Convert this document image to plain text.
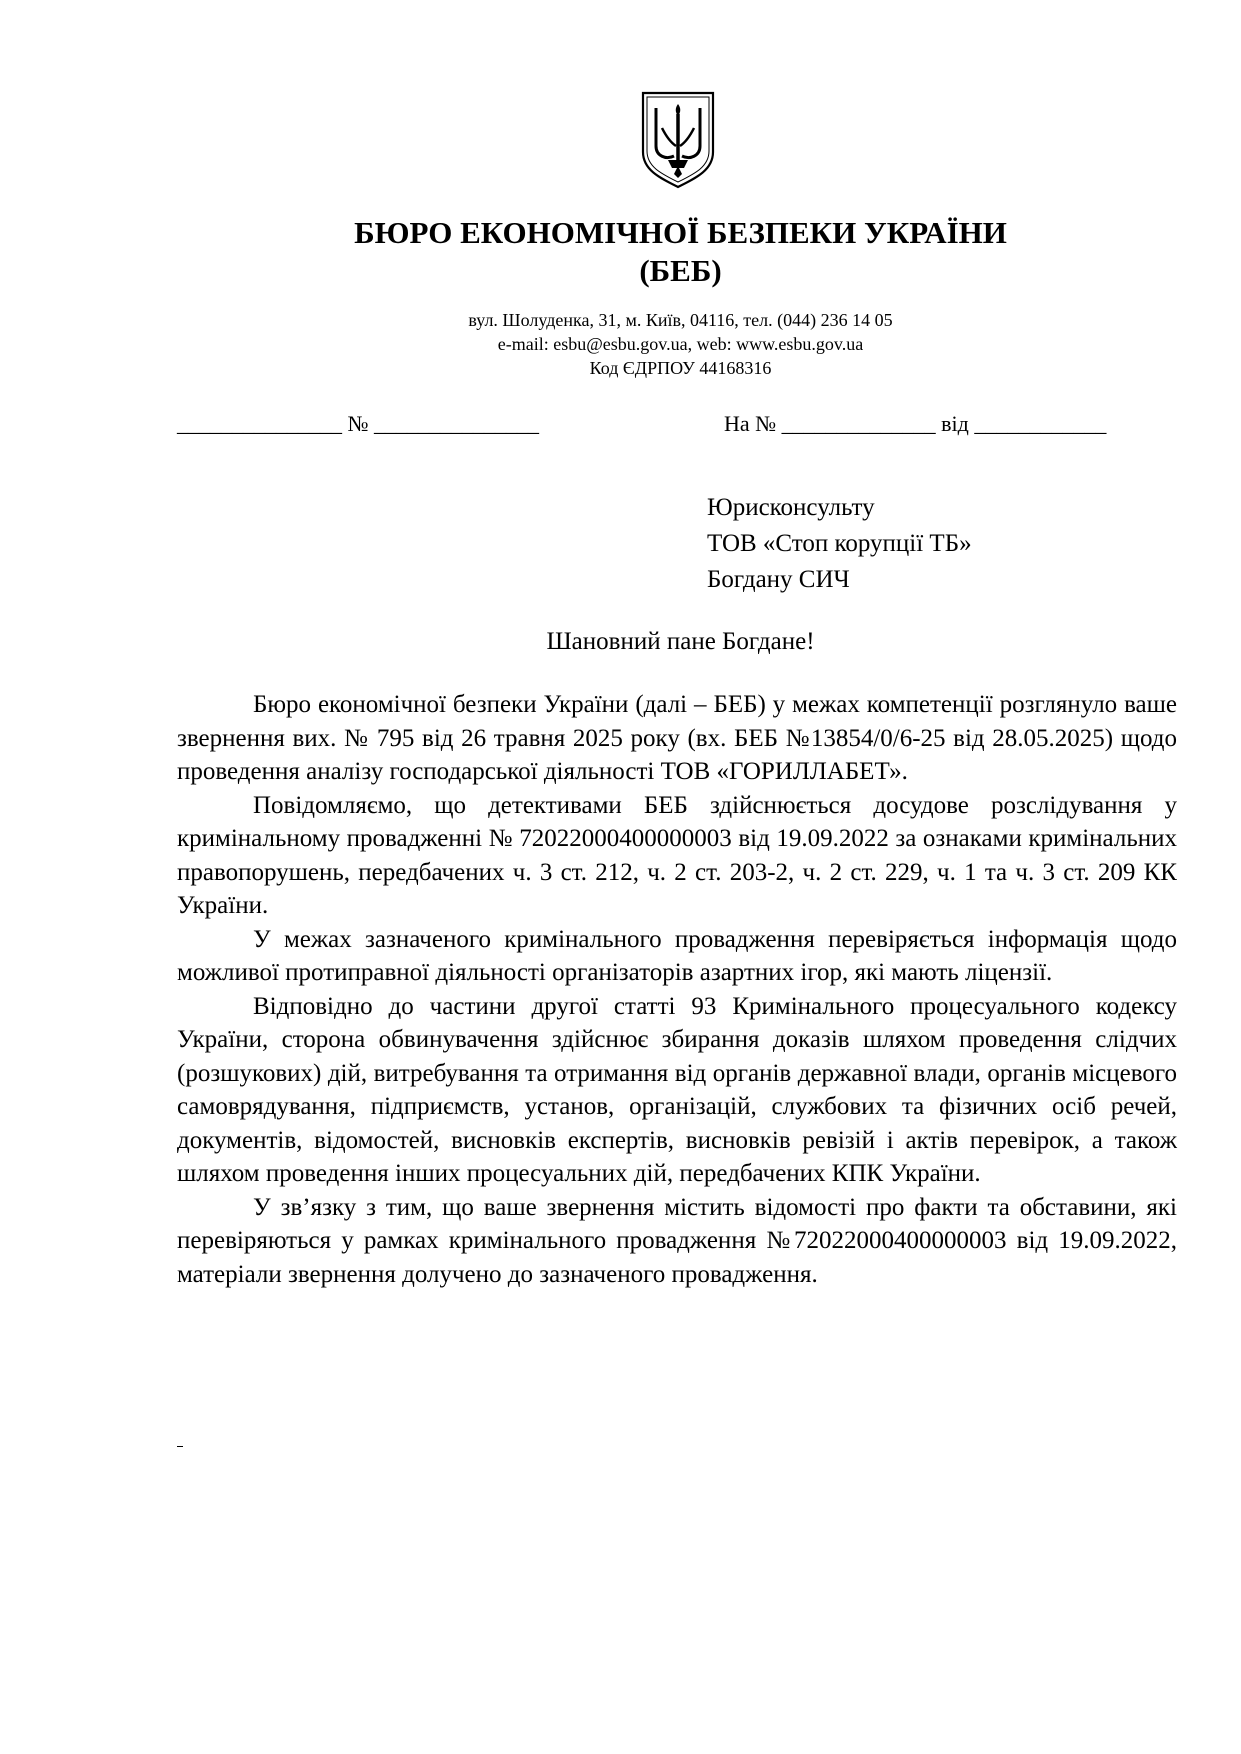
БЮРО ЕКОНОМІЧНОЇ БЕЗПЕКИ УКРАЇНИ
(БЕБ)
вул. Шолуденка, 31, м. Київ, 04116, тел. (044) 236 14 05
e-mail: esbu@esbu.gov.ua, web: www.esbu.gov.ua
Код ЄДРПОУ 44168316
_______________ № _______________	На № ______________ від ____________
Юрисконсульту
ТОВ «Стоп корупції ТБ»
Богдану СИЧ
Шановний пане Богдане!

Бюро економічної безпеки України (далі – БЕБ) у межах компетенції розглянуло ваше звернення вих. № 795 від 26 травня 2025 року (вх. БЕБ №13854/0/6-25 від 28.05.2025) щодо проведення аналізу господарської діяльності ТОВ «ГОРИЛЛАБЕТ».

Повідомляємо, що детективами БЕБ здійснюється досудове розслідування у кримінальному провадженні № 72022000400000003 від 19.09.2022 за ознаками кримінальних правопорушень, передбачених ч. 3 ст. 212, ч. 2 ст. 203-2, ч. 2 ст. 229, ч. 1 та ч. 3 ст. 209 КК України.

У межах зазначеного кримінального провадження перевіряється інформація щодо можливої протиправної діяльності організаторів азартних ігор, які мають ліцензії.

Відповідно до частини другої статті 93 Кримінального процесуального кодексу України, сторона обвинувачення здійснює збирання доказів шляхом проведення слідчих (розшукових) дій, витребування та отримання від органів державної влади, органів місцевого самоврядування, підприємств, установ, організацій, службових та фізичних осіб речей, документів, відомостей, висновків експертів, висновків ревізій і актів перевірок, а також шляхом проведення інших процесуальних дій, передбачених КПК України.

У зв’язку з тим, що ваше звернення містить відомості про факти та обставини, які перевіряються у рамках кримінального провадження №72022000400000003 від 19.09.2022, матеріали звернення долучено до зазначеного провадження.
